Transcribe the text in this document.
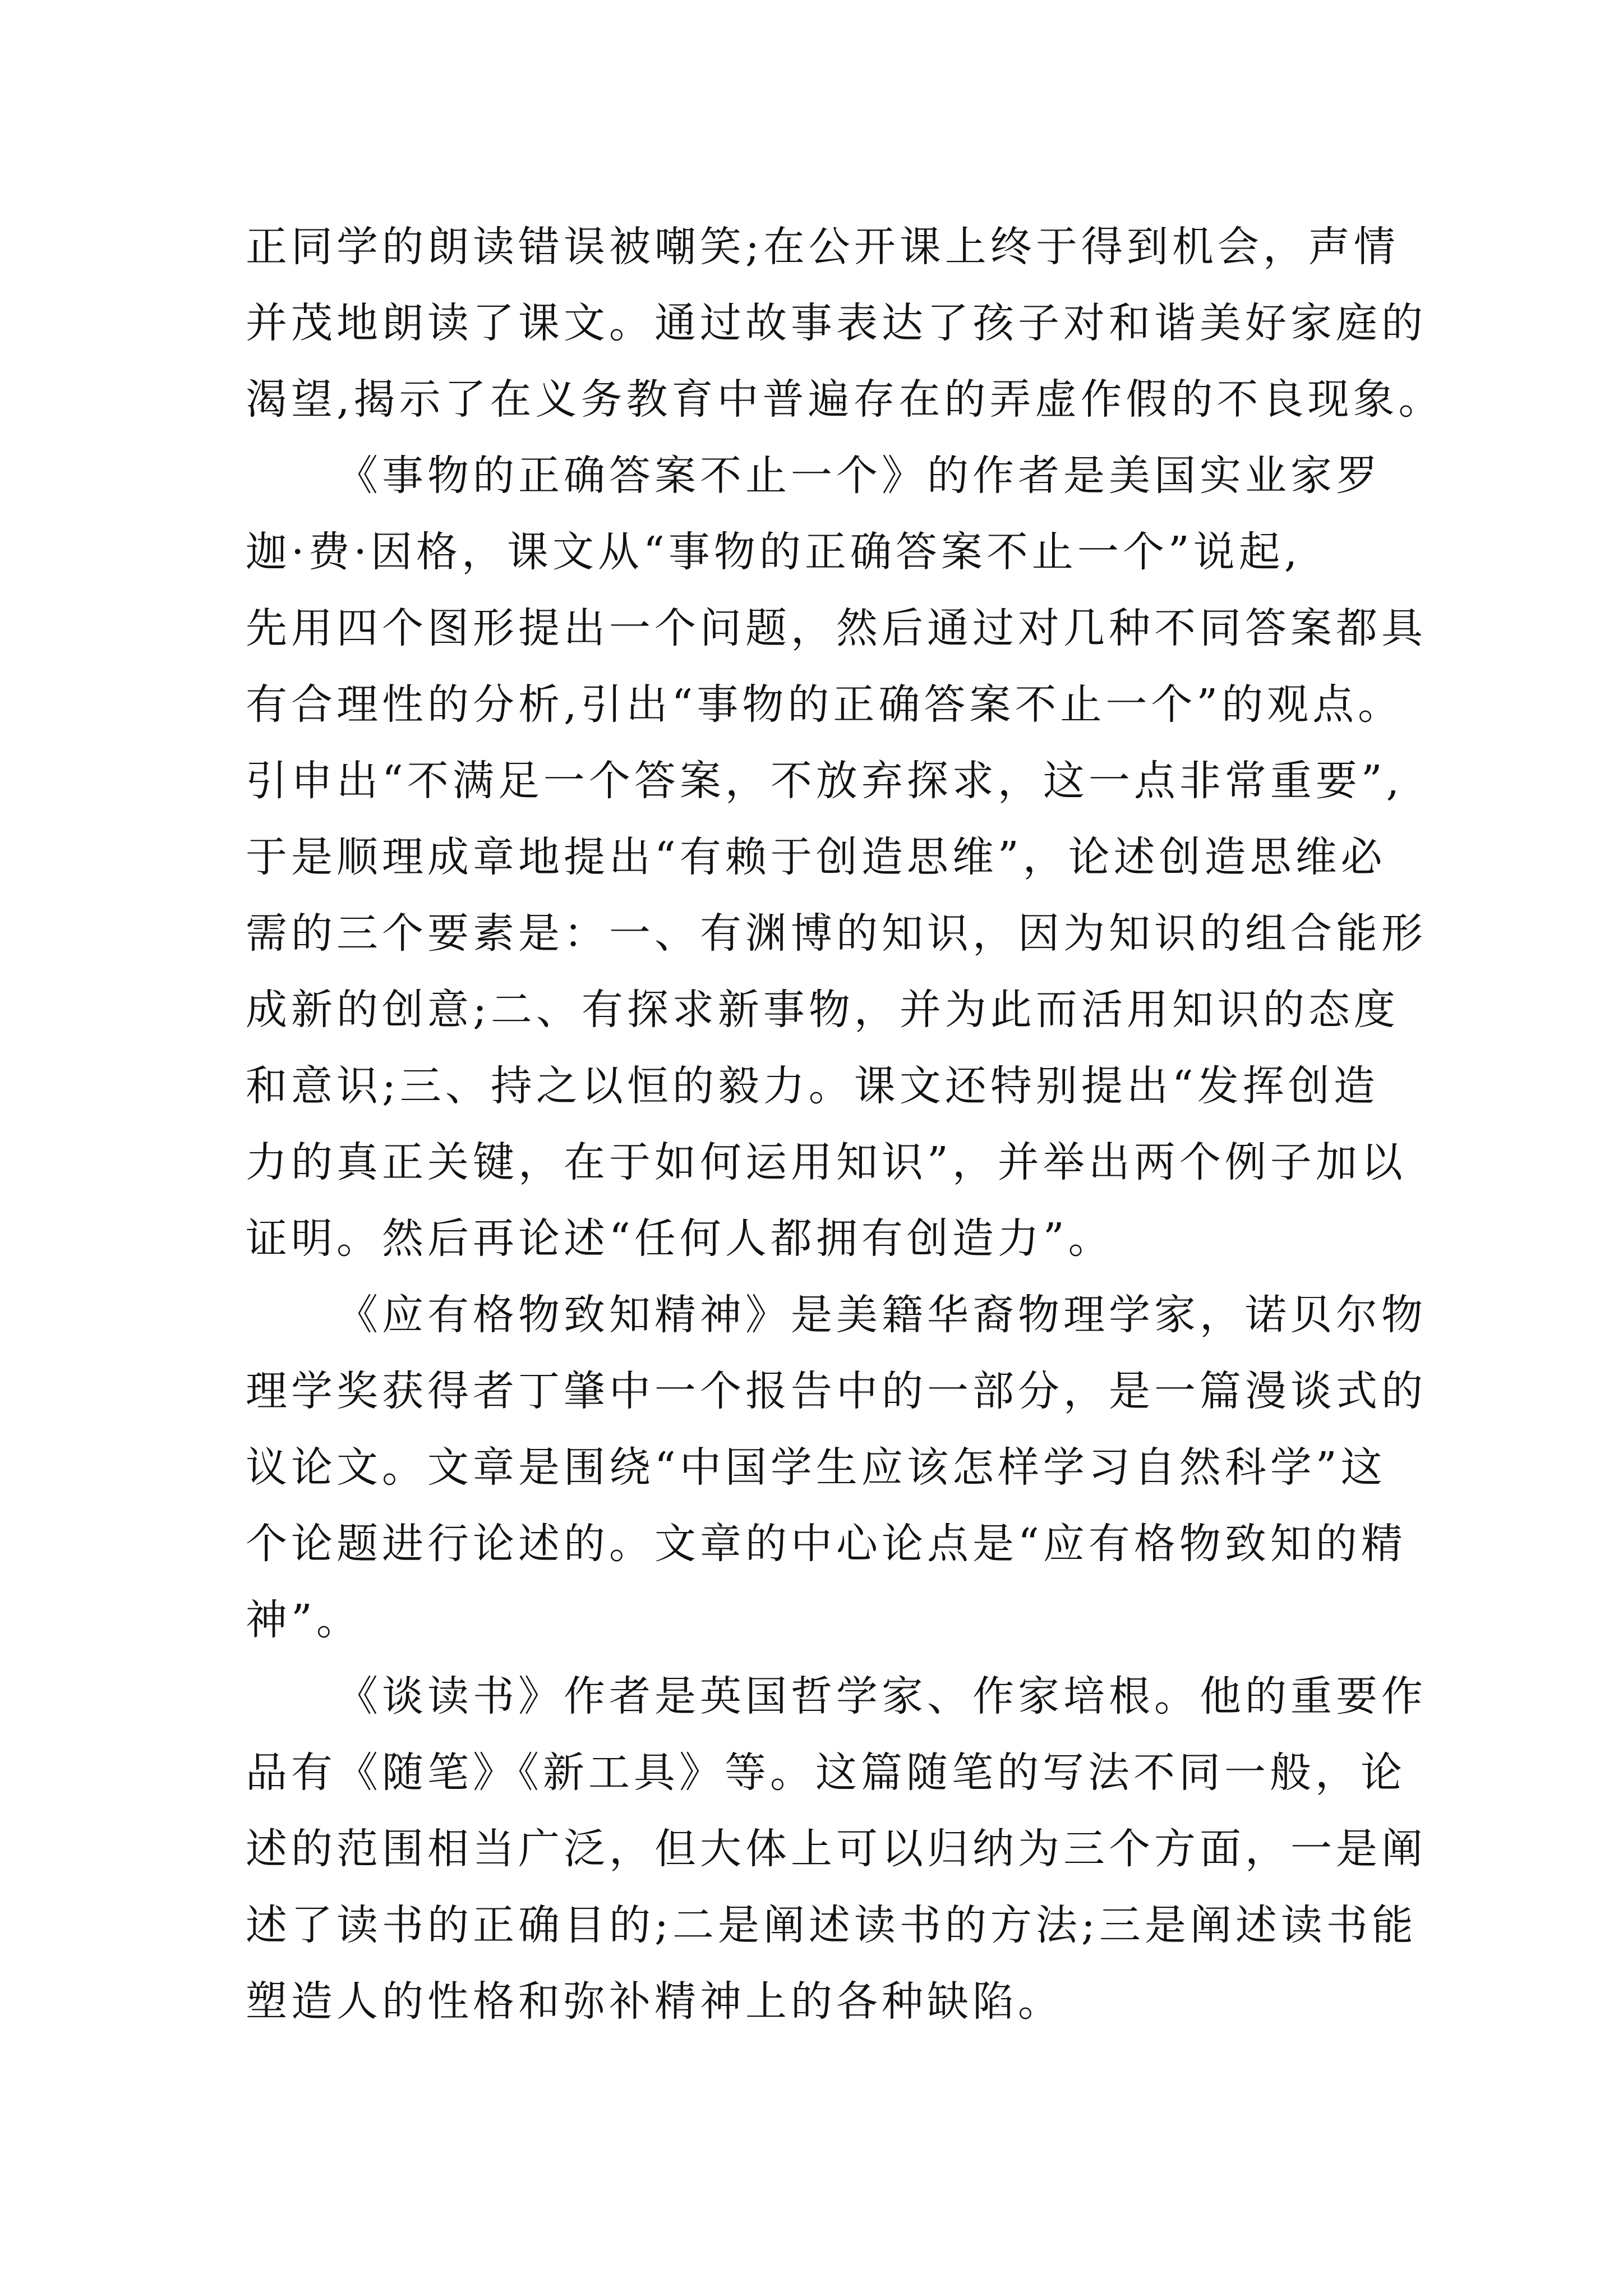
正同学的朗读错误被嘲笑;在公开课上终于得到机会，声情
并茂地朗读了课文。通过故事表达了孩子对和谐美好家庭的
渴望,揭示了在义务教育中普遍存在的弄虚作假的不良现象。
《事物的正确答案不止一个》的作者是美国实业家罗
迦·费·因格，课文从“事物的正确答案不止一个”说起,
先用四个图形提出一个问题，然后通过对几种不同答案都具
有合理性的分析,引出“事物的正确答案不止一个”的观点。
引申出“不满足一个答案，不放弃探求，这一点非常重要”,
于是顺理成章地提出“有赖于创造思维”，论述创造思维必
需的三个要素是：一、有渊博的知识，因为知识的组合能形
成新的创意;二、有探求新事物，并为此而活用知识的态度
和意识;三、持之以恒的毅力。课文还特别提出“发挥创造
力的真正关键，在于如何运用知识”，并举出两个例子加以
证明。然后再论述“任何人都拥有创造力”。
《应有格物致知精神》是美籍华裔物理学家，诺贝尔物
理学奖获得者丁肇中一个报告中的一部分，是一篇漫谈式的
议论文。文章是围绕“中国学生应该怎样学习自然科学”这
个论题进行论述的。文章的中心论点是“应有格物致知的精
神”。
《谈读书》作者是英国哲学家、作家培根。他的重要作
品有《随笔》《新工具》等。这篇随笔的写法不同一般，论
述的范围相当广泛，但大体上可以归纳为三个方面，一是阐
述了读书的正确目的;二是阐述读书的方法;三是阐述读书能
塑造人的性格和弥补精神上的各种缺陷。
